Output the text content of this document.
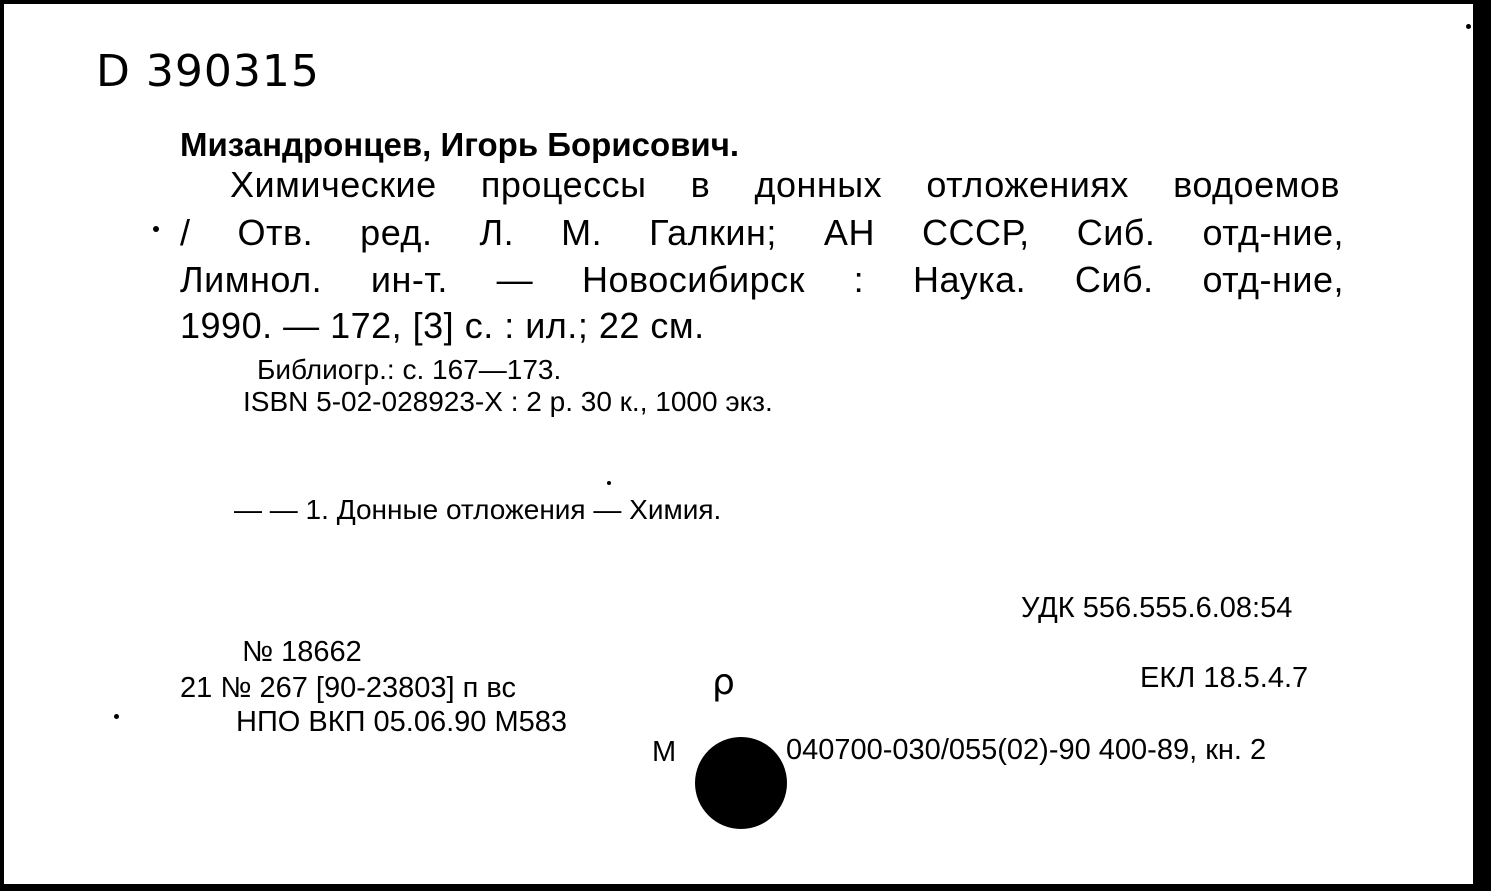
D 390315
Мизандронцев, Игорь Борисович.
Химические процессы в донных отложениях водоемов
/ Отв. ред. Л. М. Галкин; АН СССР, Сиб. отд-ние,
Лимнол. ин-т. — Новосибирск : Наука. Сиб. отд-ние,
1990. — 172, [3] с. : ил.; 22 см.
Библиогр.: с. 167—173.
ISBN 5-02-028923-X : 2 р. 30 к., 1000 экз.
— — 1. Донные отложения — Химия.
УДК 556.555.6.08:54
№ 18662
21 № 267 [90-23803] п вс
НПО ВКП 05.06.90 М583
ЕКЛ 18.5.4.7
ρ
М	040700-030/055(02)-90 400-89, кн. 2
